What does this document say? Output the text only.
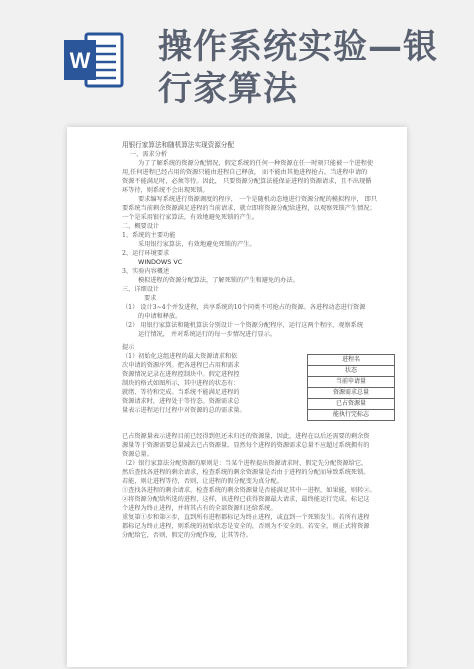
W 操作系统实验—银行家算法
用银行家算法和随机算法实现资源分配
一、需求分析
为了了解系统的资源分配情况，假定系统的任何一种资源在任一时刻只能被一个进程使
用,任何进程已经占用的资源只能由进程自己释放， 而不能由其他进程抢占。当进程申请的
资源不能满足时，必须等待。因此， 只要资源分配算法能保证进程的资源请求，且不出现循
环等待，则系统不会出现死锁。
要求编写系统进行资源调度的程序， 一个是随机动态地进行资源分配的模拟程序， 即只
要系统当前剩余资源满足进程的当前请求，就立即将资源分配给进程，以观察死锁产生情况；
一个是采用银行家算法，有效地避免死锁的产生。
二、概要设计
1、系统的主要功能
采用银行家算法，有效地避免死锁的产生。
2、运行环境要求
WINDOWS VC
3、实验内容概述
模拟进程的资源分配算法，了解死锁的产生和避免的办法。
三、详细设计
要求
（1） 设计3~4个并发进程，共享系统的10个同类不可抢占的资源。各进程动态进行资源
的申请和释放。
（2） 用银行家算法和随机算法分别设计一个资源分配程序，运行这两个程序，观察系统
运行情况， 并对系统运行的每一步情况进行显示。
提示
（1）初始化这组进程的最大资源请求和依
次申请的资源序列。把各进程已占用和需求
资源情况记录在进程控制块中。假定进程控
制块的格式如图所示，其中进程的状态有：
就绪、等待和完成。当系统不能满足进程的
资源请求时，进程处于等待态。资源需求总
量表示进程运行过程中对资源的总的需求量。
进程名
状态
当前申请量
资源需求总量
已占资源量
能执行完标志
已占资源量表示进程目前已经得到但还未归还的资源量，因此，进程在以后还需要的剩余资
源量等于资源需要总量减去已占资源量。显然每个进程的资源需求总量不应超过系统拥有的
资源总量。
（2）银行家算法分配资源的原则是：当某个进程提出资源请求时，假定先分配资源给它，
然后查找各进程的剩余请求，检查系统的剩余资源量是否由于进程的分配而导致系统死锁。
若能，则让进程等待，否则，让进程的假分配变为真分配。
①查找各进程的剩余请求，检查系统的剩余资源量是否能满足其中一进程，如果能，则转②。
②将资源分配给所选的进程，这样，该进程已获得资源最大请求，最终能运行完成。标记这
个进程为终止进程，并将其占有的全部资源归还给系统。
重复第①步和第②步，直到所有进程都标记为终止进程，或直到一个死锁发生。若所有进程
都标记为终止进程，则系统的初始状态是安全的，否则为不安全的。若安全，则正式将资源
分配给它，否则，假定的分配作废，让其等待。
